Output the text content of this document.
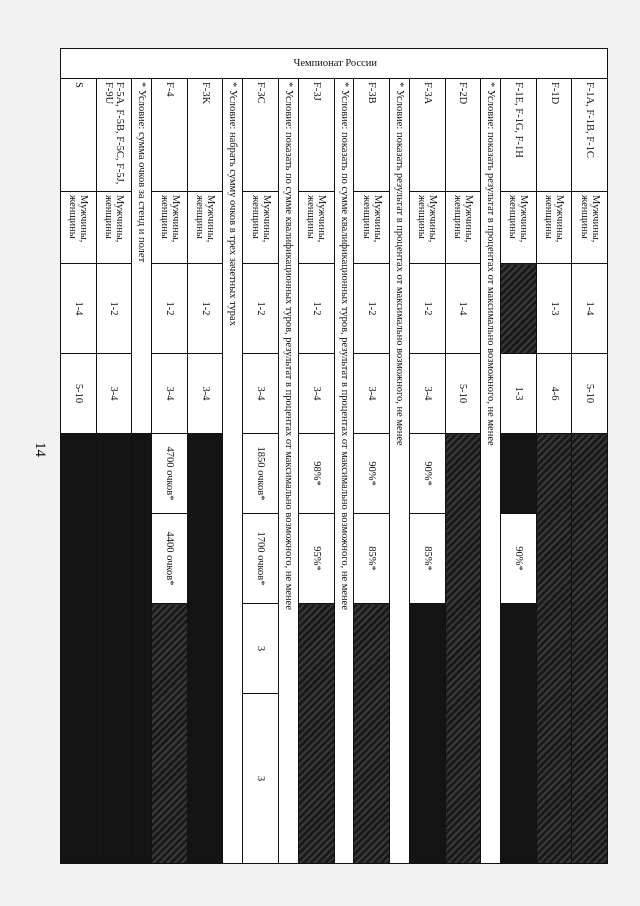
14
Чемпионат России	F-1A, F-1B, F-1C	Мужчины, женщины	1-4	5-10				
	F-1D	Мужчины, женщины	1-3	4-6				
	F-1E, F-1G, F-1H	Мужчины, женщины		1-3		90%*		
	* Условие: показать результат в процентах от максимально возможного, не менее							
	F-2D	Мужчины, женщины	1-4	5-10				
	F-3A	Мужчины, женщины	1-2	3-4	90%*	85%*		
	* Условие: показать результат в процентах от максимально возможного, не менее							
	F-3B	Мужчины, женщины	1-2	3-4	90%*	85%*		
	* Условие: показать по сумме квалификационных туров, результат в процентах от максимально возможного, не менее							
	F-3J	Мужчины, женщины	1-2	3-4	98%*	95%*		
	* Условие: показать по сумме квалификационных туров, результат в процентах от максимально возможного, не менее							
	F-3C	Мужчины, женщины	1-2	3-4	1850 очков*	1700 очков*	3	3
	* Условие: набрать сумму очков в трех зачетных турах							
	F-3K	Мужчины, женщины	1-2	3-4				
	F-4	Мужчины, женщины	1-2	3-4	4700 очков*	4400 очков*		
	* Условие: сумма очков за стенд и полет							
	F-5A, F-5B, F-5C, F-5J, F-9U	Мужчины, женщины	1-2	3-4				
	S	Мужчины, женщины	1-4	5-10				
